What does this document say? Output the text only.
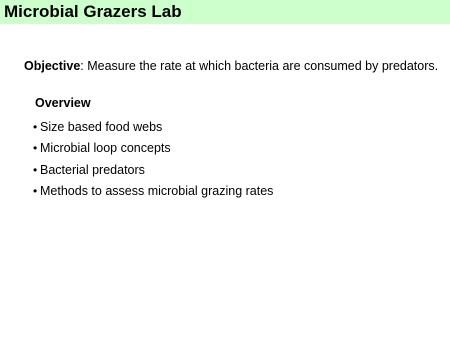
Microbial Grazers Lab
Objective: Measure the rate at which bacteria are consumed by predators.
Overview
• Size based food webs
• Microbial loop concepts
• Bacterial predators
• Methods to assess microbial grazing rates
